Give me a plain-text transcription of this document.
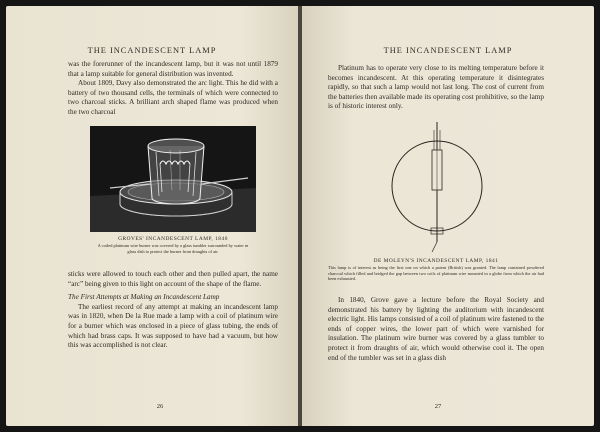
THE INCANDESCENT LAMP

was the forerunner of the incandescent lamp, but it was not until 1879 that a lamp suitable for general distribution was invented.

About 1809, Davy also demonstrated the arc light. This he did with a battery of two thousand cells, the terminals of which were connected to two charcoal sticks. A brilliant arch shaped flame was produced when the two charcoal

GROVES' INCANDESCENT LAMP, 1840
A coiled platinum wire burner was covered by a glass tumbler surrounded by water in glass dish to protect the burner from draughts of air.

sticks were allowed to touch each other and then pulled apart, the name “arc” being given to this light on account of the shape of the flame.

The First Attempts at Making an Incandescent Lamp

The earliest record of any attempt at making an incandescent lamp was in 1820, when De la Rue made a lamp with a coil of platinum wire for a burner which was enclosed in a piece of glass tubing, the ends of which had brass caps. It was supposed to have had a vacuum, but how this was accomplished is not clear.

26
THE INCANDESCENT LAMP

Platinum has to operate very close to its melting temperature before it becomes incandescent. At this operating temperature it disintegrates rapidly, so that such a lamp would not last long. The cost of current from the batteries then available made its operating cost prohibitive, so the lamp is of historic interest only.

DE MOLEYN'S INCANDESCENT LAMP, 1841
This lamp is of interest as being the first one on which a patent (British) was granted. The lamp contained powdered charcoal which filled and bridged the gap between two coils of platinum wire mounted in a globe from which the air had been exhausted.

In 1840, Grove gave a lecture before the Royal Society and demonstrated his battery by lighting the auditorium with incandescent electric light. His lamps consisted of a coil of platinum wire fastened to the ends of copper wires, the lower part of which were varnished for insulation. The platinum wire burner was covered by a glass tumbler to protect it from draughts of air, which would otherwise cool it. The open end of the tumbler was set in a glass dish

27
